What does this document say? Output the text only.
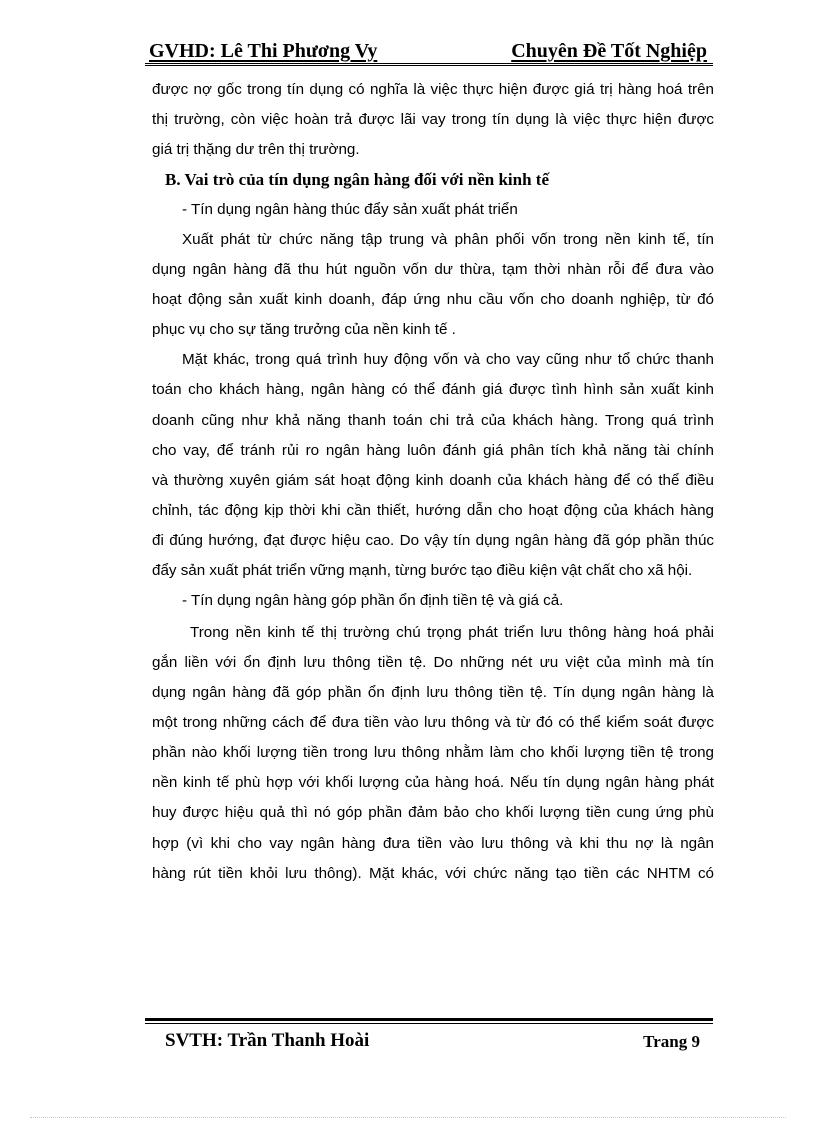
GVHD: Lê Thi Phương Vy	Chuyên Đề Tốt Nghiệp
được nợ gốc trong tín dụng có nghĩa là việc thực hiện được giá trị hàng hoá trên
thị trường, còn việc hoàn trả được lãi vay trong tín dụng là việc thực hiện được
giá trị thặng dư trên thị trường.
B. Vai trò của tín dụng ngân hàng đối với nền kinh tế
- Tín dụng ngân hàng thúc đẩy sản xuất phát triển
Xuất phát từ chức năng tập trung và phân phối vốn trong nền kinh tế, tín
dụng ngân hàng đã thu hút nguồn vốn dư thừa, tạm thời nhàn rỗi để đưa vào
hoạt động sản xuất kinh doanh, đáp ứng nhu cầu vốn cho doanh nghiệp, từ đó
phục vụ cho sự tăng trưởng của nền kinh tế .
Mặt khác, trong quá trình huy động vốn và cho vay cũng như tổ chức thanh
toán cho khách hàng, ngân hàng có thể đánh giá được tình hình sản xuất kinh
doanh cũng như khả năng thanh toán chi trả của khách hàng. Trong quá trình
cho vay, để tránh rủi ro ngân hàng luôn đánh giá phân tích khả năng tài chính
và thường xuyên giám sát hoạt động kinh doanh của khách hàng để có thể điều
chỉnh, tác động kịp thời khi cần thiết, hướng dẫn cho hoạt động của khách hàng
đi đúng hướng, đạt được hiệu cao. Do vậy tín dụng ngân hàng đã góp phần thúc
đẩy sản xuất phát triển vững mạnh, từng bước tạo điều kiện vật chất cho xã hội.
- Tín dụng ngân hàng góp phần ổn định tiền tệ và giá cả.
Trong nền kinh tế thị trường chú trọng phát triển lưu thông hàng hoá phải
gắn liền với ổn định lưu thông tiền tệ. Do những nét ưu việt của mình mà tín
dụng ngân hàng đã góp phần ổn định lưu thông tiền tệ. Tín dụng ngân hàng là
một trong những cách để đưa tiền vào lưu thông và từ đó có thể kiểm soát được
phần nào khối lượng tiền trong lưu thông nhằm làm cho khối lượng tiền tệ trong
nền kinh tế phù hợp với khối lượng của hàng hoá. Nếu tín dụng ngân hàng phát
huy được hiệu quả thì nó góp phần đảm bảo cho khối lượng tiền cung ứng phù
hợp (vì khi cho vay ngân hàng đưa tiền vào lưu thông và khi thu nợ là ngân
hàng rút tiền khỏi lưu thông). Mặt khác, với chức năng tạo tiền các NHTM có
SVTH: Trần Thanh Hoài	Trang 9
